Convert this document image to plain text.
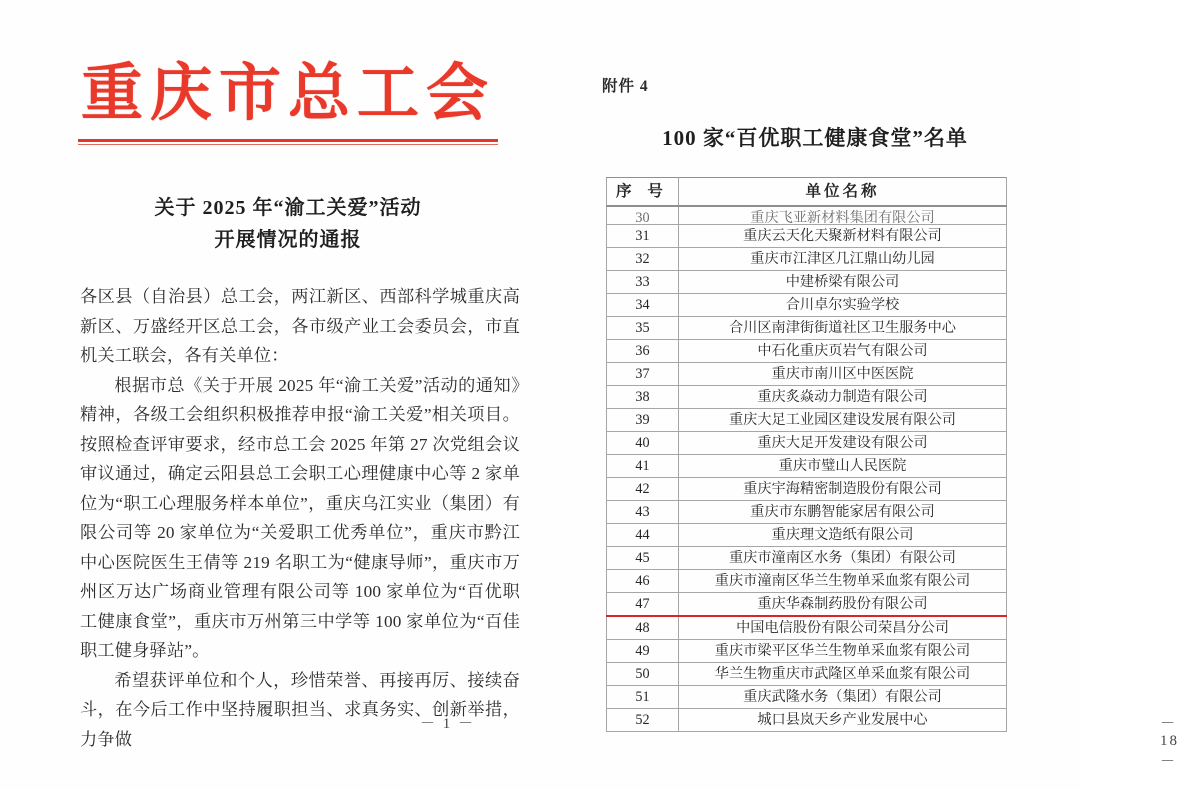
重庆市总工会
关于 2025 年“渝工关爱”活动
开展情况的通报

各区县（自治县）总工会，两江新区、西部科学城重庆高新区、万盛经开区总工会，各市级产业工会委员会，市直机关工联会，各有关单位：

根据市总《关于开展 2025 年“渝工关爱”活动的通知》精神，各级工会组织积极推荐申报“渝工关爱”相关项目。按照检查评审要求，经市总工会 2025 年第 27 次党组会议审议通过，确定云阳县总工会职工心理健康中心等 2 家单位为“职工心理服务样本单位”，重庆乌江实业（集团）有限公司等 20 家单位为“关爱职工优秀单位”，重庆市黔江中心医院医生王倩等 219 名职工为“健康导师”，重庆市万州区万达广场商业管理有限公司等 100 家单位为“百优职工健康食堂”，重庆市万州第三中学等 100 家单位为“百佳职工健身驿站”。

希望获评单位和个人，珍惜荣誉、再接再厉、接续奋斗，在今后工作中坚持履职担当、求真务实、创新举措，力争做

－ 1 －
附件 4
100 家“百优职工健康食堂”名单
序 号	单位名称
30	重庆飞亚新材料集团有限公司
31	重庆云天化天聚新材料有限公司
32	重庆市江津区几江鼎山幼儿园
33	中建桥梁有限公司
34	合川卓尔实验学校
35	合川区南津街街道社区卫生服务中心
36	中石化重庆页岩气有限公司
37	重庆市南川区中医医院
38	重庆炙焱动力制造有限公司
39	重庆大足工业园区建设发展有限公司
40	重庆大足开发建设有限公司
41	重庆市璧山人民医院
42	重庆宇海精密制造股份有限公司
43	重庆市东鹏智能家居有限公司
44	重庆理文造纸有限公司
45	重庆市潼南区水务（集团）有限公司
46	重庆市潼南区华兰生物单采血浆有限公司
47	重庆华森制药股份有限公司
48	中国电信股份有限公司荣昌分公司
49	重庆市梁平区华兰生物单采血浆有限公司
50	华兰生物重庆市武隆区单采血浆有限公司
51	重庆武隆水务（集团）有限公司
52	城口县岚天乡产业发展中心	－ 18 －
